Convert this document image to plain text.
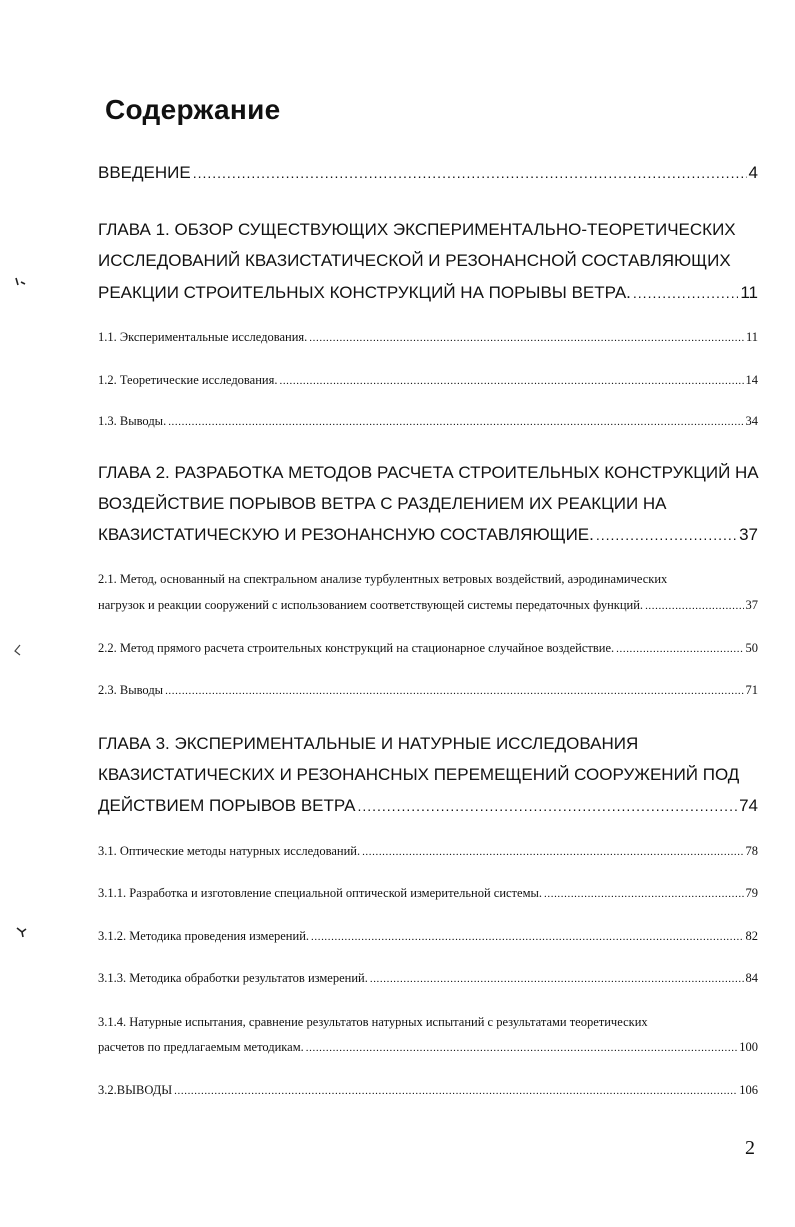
Содержание
ВВЕДЕНИЕ .....	4

ГЛАВА 1. ОБЗОР СУЩЕСТВУЮЩИХ ЭКСПЕРИМЕНТАЛЬНО-ТЕОРЕТИЧЕСКИХ

ИССЛЕДОВАНИЙ КВАЗИСТАТИЧЕСКОЙ И РЕЗОНАНСНОЙ СОСТАВЛЯЮЩИХ

РЕАКЦИИ СТРОИТЕЛЬНЫХ КОНСТРУКЦИЙ НА ПОРЫВЫ ВЕТРА. .....	11
1.1. Экспериментальные исследования. .....	11
1.2. Теоретические исследования. .....	14
1.3. Выводы. .....	34

ГЛАВА 2. РАЗРАБОТКА МЕТОДОВ РАСЧЕТА СТРОИТЕЛЬНЫХ КОНСТРУКЦИЙ НА

ВОЗДЕЙСТВИЕ ПОРЫВОВ ВЕТРА С РАЗДЕЛЕНИЕМ ИХ РЕАКЦИИ НА

КВАЗИСТАТИЧЕСКУЮ И РЕЗОНАНСНУЮ СОСТАВЛЯЮЩИЕ. .....	37

2.1. Метод, основанный на спектральном анализе турбулентных ветровых воздействий, аэродинамических

нагрузок и реакции сооружений с использованием соответствующей системы передаточных функций. .....	37
2.2. Метод прямого расчета строительных конструкций на стационарное случайное воздействие. .....	50
2.3. Выводы .....	71

ГЛАВА 3. ЭКСПЕРИМЕНТАЛЬНЫЕ И НАТУРНЫЕ ИССЛЕДОВАНИЯ

КВАЗИСТАТИЧЕСКИХ И РЕЗОНАНСНЫХ ПЕРЕМЕЩЕНИЙ СООРУЖЕНИЙ ПОД

ДЕЙСТВИЕМ ПОРЫВОВ ВЕТРА .....	74
3.1. Оптические методы натурных исследований. .....	78
3.1.1. Разработка и изготовление специальной оптической измерительной системы. .....	79
3.1.2. Методика проведения измерений. .....	82
3.1.3. Методика обработки результатов измерений. .....	84

3.1.4. Натурные испытания, сравнение результатов натурных испытаний с результатами теоретических

расчетов по предлагаемым методикам. .....	100
3.2.ВЫВОДЫ .....	106
2
